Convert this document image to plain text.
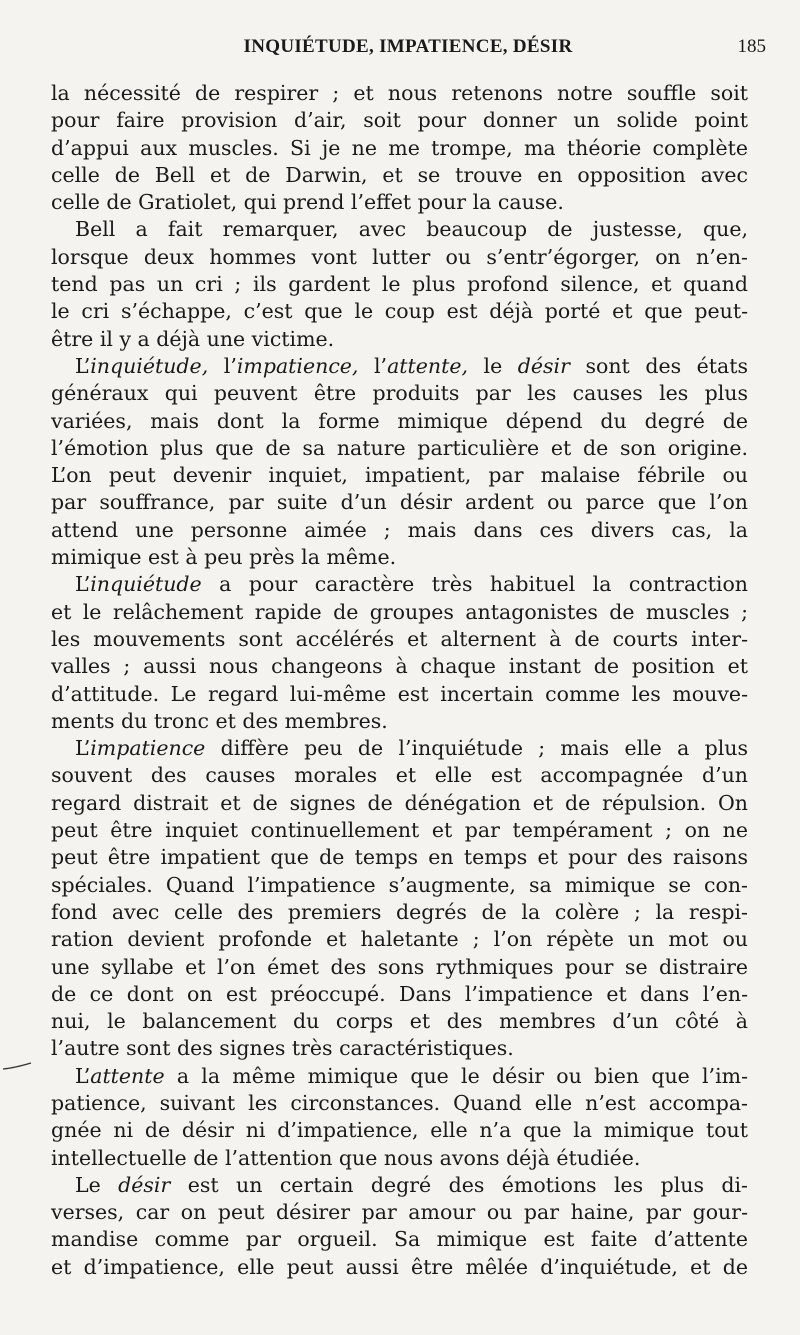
INQUIÉTUDE, IMPATIENCE, DÉSIR	185
la nécessité de respirer ; et nous retenons notre souffle soit
pour faire provision d’air, soit pour donner un solide point
d’appui aux muscles. Si je ne me trompe, ma théorie complète
celle de Bell et de Darwin, et se trouve en opposition avec
celle de Gratiolet, qui prend l’effet pour la cause.
Bell a fait remarquer, avec beaucoup de justesse, que,
lorsque deux hommes vont lutter ou s’entr’égorger, on n’en-
tend pas un cri ; ils gardent le plus profond silence, et quand
le cri s’échappe, c’est que le coup est déjà porté et que peut-
être il y a déjà une victime.
L’inquiétude, l’impatience, l’attente, le désir sont des états
généraux qui peuvent être produits par les causes les plus
variées, mais dont la forme mimique dépend du degré de
l’émotion plus que de sa nature particulière et de son origine.
L’on peut devenir inquiet, impatient, par malaise fébrile ou
par souffrance, par suite d’un désir ardent ou parce que l’on
attend une personne aimée ; mais dans ces divers cas, la
mimique est à peu près la même.
L’inquiétude a pour caractère très habituel la contraction
et le relâchement rapide de groupes antagonistes de muscles ;
les mouvements sont accélérés et alternent à de courts inter-
valles ; aussi nous changeons à chaque instant de position et
d’attitude. Le regard lui-même est incertain comme les mouve-
ments du tronc et des membres.
L’impatience diffère peu de l’inquiétude ; mais elle a plus
souvent des causes morales et elle est accompagnée d’un
regard distrait et de signes de dénégation et de répulsion. On
peut être inquiet continuellement et par tempérament ; on ne
peut être impatient que de temps en temps et pour des raisons
spéciales. Quand l’impatience s’augmente, sa mimique se con-
fond avec celle des premiers degrés de la colère ; la respi-
ration devient profonde et haletante ; l’on répète un mot ou
une syllabe et l’on émet des sons rythmiques pour se distraire
de ce dont on est préoccupé. Dans l’impatience et dans l’en-
nui, le balancement du corps et des membres d’un côté à
l’autre sont des signes très caractéristiques.
L’attente a la même mimique que le désir ou bien que l’im-
patience, suivant les circonstances. Quand elle n’est accompa-
gnée ni de désir ni d’impatience, elle n’a que la mimique tout
intellectuelle de l’attention que nous avons déjà étudiée.
Le désir est un certain degré des émotions les plus di-
verses, car on peut désirer par amour ou par haine, par gour-
mandise comme par orgueil. Sa mimique est faite d’attente
et d’impatience, elle peut aussi être mêlée d’inquiétude, et de
